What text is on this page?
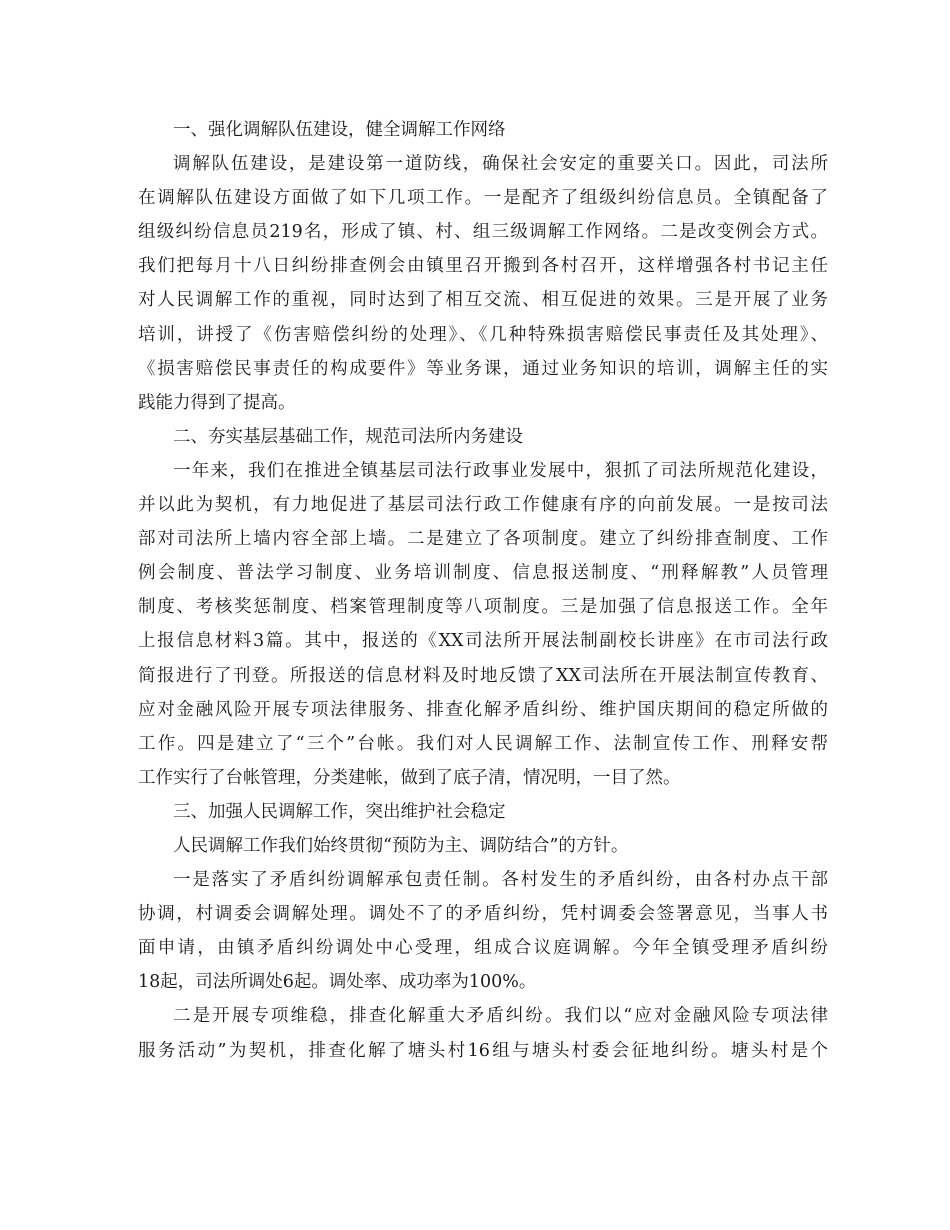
一、强化调解队伍建设，健全调解工作网络
调解队伍建设，是建设第一道防线，确保社会安定的重要关口。因此，司法所
在调解队伍建设方面做了如下几项工作。一是配齐了组级纠纷信息员。全镇配备了
组级纠纷信息员219名，形成了镇、村、组三级调解工作网络。二是改变例会方式。
我们把每月十八日纠纷排查例会由镇里召开搬到各村召开，这样增强各村书记主任
对人民调解工作的重视，同时达到了相互交流、相互促进的效果。三是开展了业务
培训，讲授了《伤害赔偿纠纷的处理》、《几种特殊损害赔偿民事责任及其处理》、
《损害赔偿民事责任的构成要件》等业务课，通过业务知识的培训，调解主任的实
践能力得到了提高。
二、夯实基层基础工作，规范司法所内务建设
一年来，我们在推进全镇基层司法行政事业发展中，狠抓了司法所规范化建设，
并以此为契机，有力地促进了基层司法行政工作健康有序的向前发展。一是按司法
部对司法所上墙内容全部上墙。二是建立了各项制度。建立了纠纷排查制度、工作
例会制度、普法学习制度、业务培训制度、信息报送制度、“刑释解教”人员管理
制度、考核奖惩制度、档案管理制度等八项制度。三是加强了信息报送工作。全年
上报信息材料3篇。其中，报送的《XX司法所开展法制副校长讲座》在市司法行政
简报进行了刊登。所报送的信息材料及时地反馈了XX司法所在开展法制宣传教育、
应对金融风险开展专项法律服务、排查化解矛盾纠纷、维护国庆期间的稳定所做的
工作。四是建立了“三个”台帐。我们对人民调解工作、法制宣传工作、刑释安帮
工作实行了台帐管理，分类建帐，做到了底子清，情况明，一目了然。
三、加强人民调解工作，突出维护社会稳定
人民调解工作我们始终贯彻“预防为主、调防结合”的方针。
一是落实了矛盾纠纷调解承包责任制。各村发生的矛盾纠纷，由各村办点干部
协调，村调委会调解处理。调处不了的矛盾纠纷，凭村调委会签署意见，当事人书
面申请，由镇矛盾纠纷调处中心受理，组成合议庭调解。今年全镇受理矛盾纠纷
18起，司法所调处6起。调处率、成功率为100%。
二是开展专项维稳，排查化解重大矛盾纠纷。我们以“应对金融风险专项法律
服务活动”为契机，排查化解了塘头村16组与塘头村委会征地纠纷。塘头村是个
